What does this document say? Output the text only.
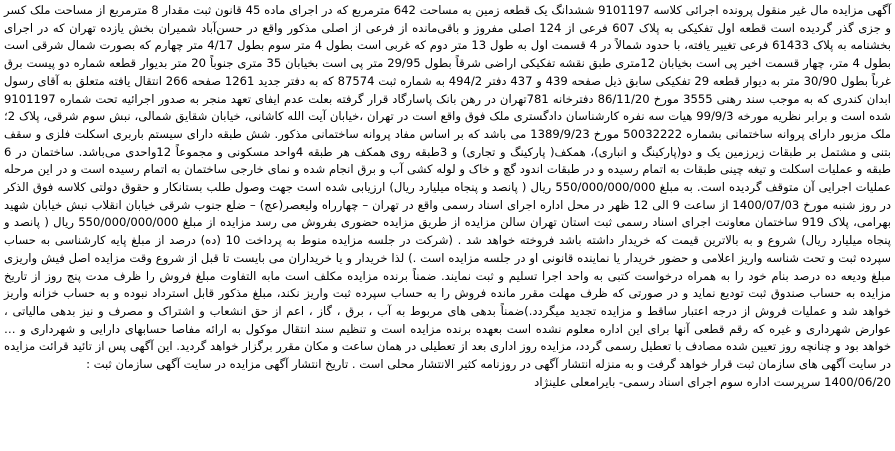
آگهی مزایده مال غیر منقول پرونده اجرائی کلاسه 9101197 ششدانگ یک قطعه زمین به مساحت 642 مترمربع که در اجرای ماده 45 قانون ثبت مقدار 8 مترمربع از مساحت ملک کسر و جزی گذر گردیده است قطعه اول تفکیکی به پلاک 607 فرعی از 124 اصلی مفروز و باقی‌مانده از فرعی از اصلی مذکور واقع در حسن‌آباد شمیران بخش یازده تهران که در اجرای بخشنامه به پلاک 61433 فرعی تغییر یافته، با حدود شمالاً در 4 قسمت اول به طول 13 متر دوم که غربی است بطول 4 متر سوم بطول 4/17 متر چهارم که بصورت شمال شرقی است بطول 4 متر، چهار قسمت اخیر پی است بخیابان 12متری طبق نقشه تفکیکی اراضی شرقاً بطول 29/95 متر پی است بخیابان 35 متری جنوباً 20 متر بدیوار قطعه شماره دو پیست برق غرباً بطول 30/90 متر به دیوار قطعه 29 تفکیکی سابق ذیل صفحه 439 و 437 دفتر 494/2 به شماره ثبت 87574 که به دفتر جدید 1261 صفحه 266 انتقال یافته متعلق به آقای رسول ابدان کندری که به موجب سند رهنی 3555 مورخ 86/11/20 دفترخانه 781تهران در رهن بانک پاسارگاد قرار گرفته بعلت عدم ایفای تعهد منجر به صدور اجرائیه تحت شماره 9101197 شده است و برابر نظریه مورخه 99/9/3 هیات سه نفره کارشناسان دادگستری ملک فوق واقع است در تهران ،خیابان آیت الله کاشانی، خیابان شقایق شمالی، نبش سوم شرقی، پلاک 2؛ ملک مزبور دارای پروانه ساختمانی بشماره 50032222 مورخ 1389/9/23 می باشد که بر اساس مفاد پروانه ساختمانی مذکور. شش طبقه دارای سیستم باربری اسکلت فلزی و سقف بتنی و مشتمل بر طبقات زیرزمین یک و دو(پارکینگ و انباری)، همکف( پارکینگ و تجاری) و 3طبقه روی همکف هر طبقه 4واحد مسکونی و مجموعاً 12واحدی می‌باشد. ساختمان در 6 طبقه و عملیات اسکلت و تیغه چینی طبقات به اتمام رسیده و در طبقات اندود گچ و خاک و لوله کشی آب و برق انجام شده و نمای خارجی ساختمان به اتمام رسیده است و در این مرحله عملیات اجرایی آن متوقف گردیده است. به مبلغ 550/000/000/000 ریال ( پانصد و پنجاه میلیارد ریال) ارزیابی شده است جهت وصول طلب بستانکار و حقوق دولتی کلاسه فوق الذکر در روز شنبه مورخ 1400/07/03 از ساعت 9 الی 12 ظهر در محل اداره اجرای اسناد رسمی واقع در تهران – چهارراه ولیعصر(عج) – ضلع جنوب شرقی خیابان انقلاب نبش خیابان شهید بهرامی، پلاک 919 ساختمان معاونت اجرای اسناد رسمی ثبت استان تهران سالن مزایده از طریق مزایده حضوری بفروش می رسد مزایده از مبلغ 550/000/000/000 ریال ( پانصد و پنجاه میلیارد ریال) شروع و به بالاترین قیمت که خریدار داشته باشد فروخته خواهد شد . (شرکت در جلسه مزایده منوط به پرداخت 10 (ده) درصد از مبلغ پایه کارشناسی به حساب سپرده ثبت و تحت شناسه واریز اعلامی و حضور خریدار یا نماینده قانونی او در جلسه مزایده است .) لذا خریدار و یا خریداران می بایست تا قبل از شروع وقت مزایده اصل فیش واریزی مبلغ ودیعه ده درصد بنام خود را به همراه درخواست کتبی به واحد اجرا تسلیم و ثبت نمایند. ضمناً برنده مزایده مکلف است مابه التفاوت مبلغ فروش را ظرف مدت پنج روز از تاریخ مزایده به حساب صندوق ثبت تودیع نماید و در صورتی که ظرف مهلت مقرر مانده فروش را به حساب سپرده ثبت واریز نکند، مبلغ مذکور قابل استرداد نبوده و به حساب خزانه واریز خواهد شد و عملیات فروش از درجه اعتبار ساقط و مزایده تجدید میگردد.)ضمناً بدهی های مربوط به آب ، برق ، گاز ، اعم از حق انشعاب و اشتراک و مصرف و نیز بدهی مالیاتی ، عوارض شهرداری و غیره که رقم قطعی آنها برای این اداره معلوم نشده است بعهده برنده مزایده است و تنظیم سند انتقال موکول به ارائه مفاصا حسابهای دارایی و شهرداری و … خواهد بود و چنانچه روز تعیین شده مصادف با تعطیل رسمی گردد، مزایده روز اداری بعد از تعطیلی در همان ساعت و مکان مقرر برگزار خواهد گردید. این آگهی پس از تائید قرائت مزایده در سایت آگهی های سازمان ثبت قرار خواهد گرفت و به منزله انتشار آگهی در روزنامه کثیر الانتشار محلی است . تاریخ انتشار آگهی مزایده در سایت آگهی سازمان ثبت :

1400/06/20 سرپرست اداره سوم اجرای اسناد رسمی- بایرامعلی علینژاد
